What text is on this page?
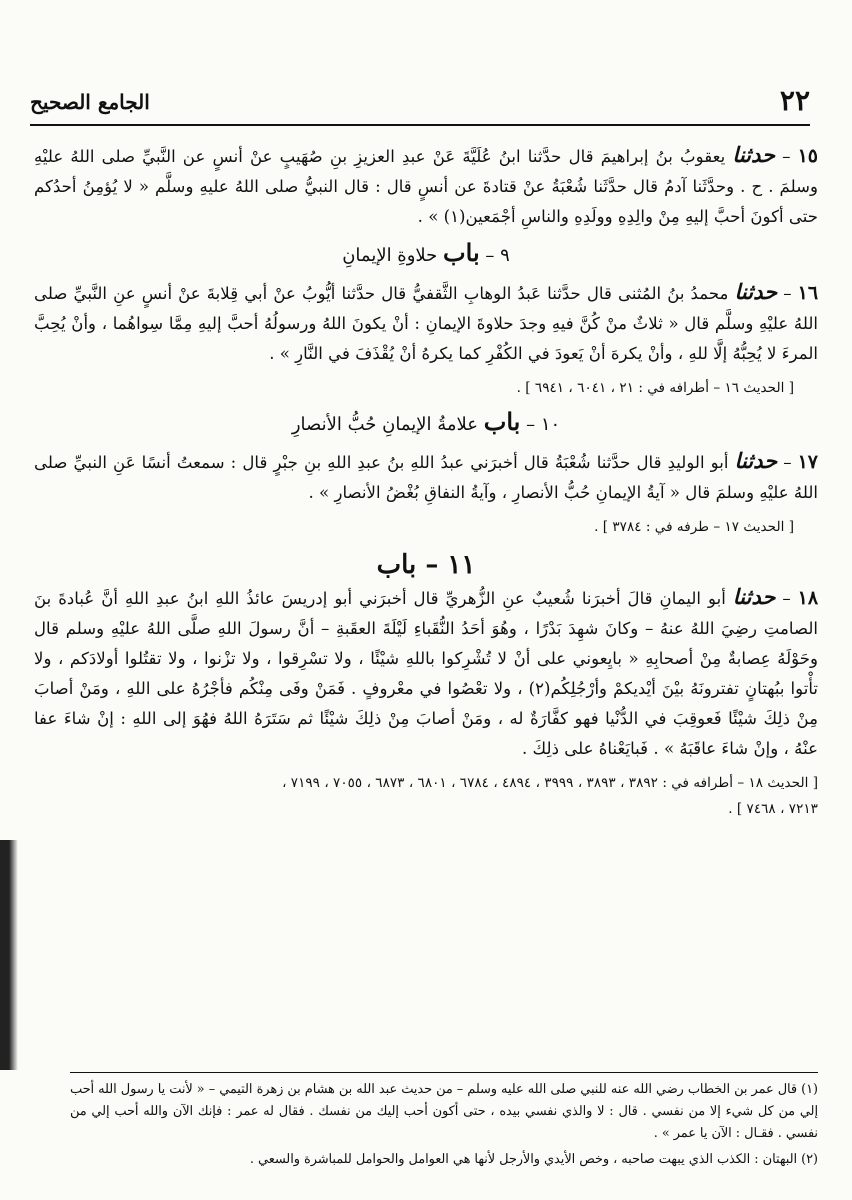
٢٢
الجامع الصحيح

١٥ – حدثنا يعقوبُ بنُ إبراهيمَ قال حدَّثنا ابنُ عُلَيَّةَ عَنْ عبدِ العزيزِ بنِ صُهَيبٍ عنْ أنسٍ عن النَّبيِّ صلى اللهُ عليْهِ وسلمَ . ح . وحدَّثَنا آدمُ قال حدَّثَنا شُعْبَةُ عنْ قتادةَ عن أنسٍ قال : قال النبيُّ صلى اللهُ عليهِ وسلَّم « لا يُؤمِنُ أحدُكم حتى أكونَ أحبَّ إليهِ مِنْ والِدِهِ وولَدِهِ والناسِ أجْمَعين(١) » .

٩ – باب حلاوةِ الإيمانِ

١٦ – حدثنا محمدُ بنُ المُثنى قال حدَّثنا عَبدُ الوهابِ الثَّقفيُّ قال حدَّثنا أيُّوبُ عنْ أبي قِلابةَ عنْ أنسٍ عنِ النَّبيِّ صلى اللهُ عليْهِ وسلَّم قال « ثلاثٌ منْ كُنَّ فيهِ وجدَ حلاوةَ الإيمانِ : أنْ يكونَ اللهُ ورسولُهُ أحبَّ إليهِ مِمَّا سِواهُما ، وأنْ يُحِبَّ المرءَ لا يُحِبُّهُ إلَّا للهِ ، وأنْ يكرهَ أنْ يَعودَ في الكُفْرِ كما يكرهُ أنْ يُقْذَفَ في النَّارِ » .

[ الحديث ١٦ – أطرافه في : ٢١ ، ٦٠٤١ ، ٦٩٤١ ] .
١٠ – باب علامةُ الإيمانِ حُبُّ الأنصارِ

١٧ – حدثنا أبو الوليدِ قال حدَّثنا شُعْبَةُ قال أخبرَني عبدُ اللهِ بنُ عبدِ اللهِ بنِ جبْرٍ قال : سمعتُ أنسًا عَنِ النبيِّ صلى اللهُ عليْهِ وسلمَ قال « آيةُ الإيمانِ حُبُّ الأنصارِ ، وآيةُ النفاقِ بُغْضُ الأنصارِ » .

[ الحديث ١٧ – طرفه في : ٣٧٨٤ ] .
١١ – باب

١٨ – حدثنا أبو اليمانِ قالَ أخبرَنا شُعيبٌ عنِ الزُّهريِّ قال أخبرَني أبو إدريسَ عائذُ اللهِ ابنُ عبدِ اللهِ أنَّ عُبادةَ بنَ الصامتِ رضِيَ اللهُ عنهُ – وكانَ شهِدَ بَدْرًا ، وهُوَ أحَدُ النُّقَباءِ لَيْلَةَ العقَبةِ – أنَّ رسولَ اللهِ صلَّى اللهُ عليْهِ وسلم قال وحَوْلَهُ عِصابةٌ مِنْ أصحابِهِ « بايِعوني على أنْ لا تُشْرِكوا باللهِ شيْئًا ، ولا تسْرِقوا ، ولا تزْنوا ، ولا تقتُلوا أولادَكم ، ولا تأْتوا ببُهتانٍ تفترونَهُ بيْنَ أيْديكمْ وأرْجُلِكُم(٢) ، ولا تعْصُوا في معْروفٍ . فَمَنْ وفَى مِنْكُم فأجْرُهُ على اللهِ ، ومَنْ أصابَ مِنْ ذلِكَ شيْئًا فَعوقِبَ في الدُّنْيا فهو كفَّارَةٌ له ، ومَنْ أصابَ مِنْ ذلِكَ شيْئًا ثم سَتَرَهُ اللهُ فهُوَ إلى اللهِ : إنْ شاءَ عفا عنْهُ ، وإنْ شاءَ عاقَبَهُ » . فَبايَعْناهُ على ذلِكَ .

[ الحديث ١٨ – أطرافه في : ٣٨٩٢ ، ٣٨٩٣ ، ٣٩٩٩ ، ٤٨٩٤ ، ٦٧٨٤ ، ٦٨٠١ ، ٦٨٧٣ ، ٧٠٥٥ ، ٧١٩٩ ،
٧٢١٣ ، ٧٤٦٨ ] .

(١) قال عمر بن الخطاب رضي الله عنه للنبي صلى الله عليه وسلم – من حديث عبد الله بن هشام بن زهرة التيمي – « لأنت يا رسول الله أحب إلي من كل شيء إلا من نفسي . قال : لا والذي نفسي بيده ، حتى أكون أحب إليك من نفسك . فقال له عمر : فإنك الآن والله أحب إلي من نفسي . فقـال : الآن يا عمر » .

(٢) البهتان : الكذب الذي يبهت صاحبه ، وخص الأيدي والأرجل لأنها هي العوامل والحوامل للمباشرة والسعي .
